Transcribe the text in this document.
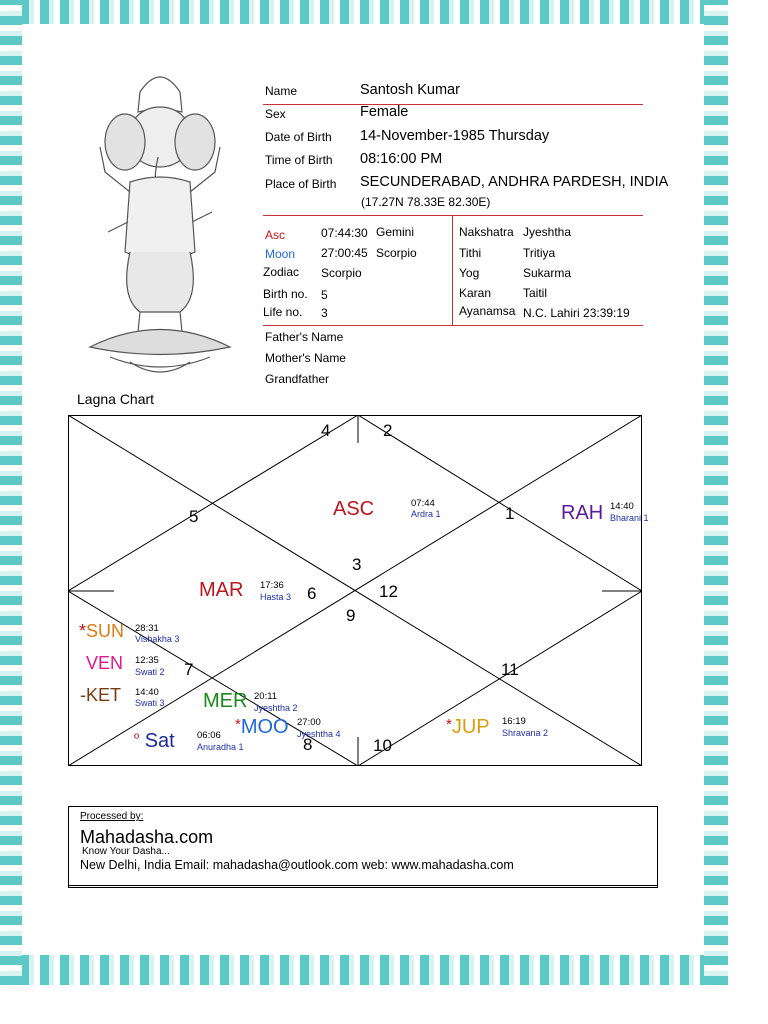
Name	Santosh Kumar
Sex	Female
Date of Birth 14-November-1985 Thursday
Time of Birth 08:16:00 PM
Place of Birth SECUNDERABAD, ANDHRA PARDESH, INDIA
(17.27N 78.33E 82.30E)
Asc	07:44:30 Gemini
Moon 27:00:45 Scorpio
Zodiac Scorpio
Birth no. 5
Life no. 3
Nakshatra Jyeshtha
Tithi	Tritiya
Yog	Sukarma
Karan	Taitil
Ayanamsa N.C. Lahiri 23:39:19
Father's Name
Mother's Name
Grandfather
Lagna Chart
4	2
5	1
3
6	12
9
7	11
8	10
ASC	07:44
Ardra 1	RAH 14:40
Bharani 1
MAR 17:36
Hasta 3
*SUN 28:31
Vishakha 3
VEN 12:35
Swati 2
-KET 14:40
Swati 3 MER 20:11
Jyeshtha 2
*MOO 27:00
Jyeshtha 4
$^º$ Sat 06:06
Anuradha 1
*JUP 16:19
Shravana 2
Processed by:
Mahadasha.com
Know Your Dasha...
New Delhi, India Email: mahadasha@outlook.com web: www.mahadasha.com
